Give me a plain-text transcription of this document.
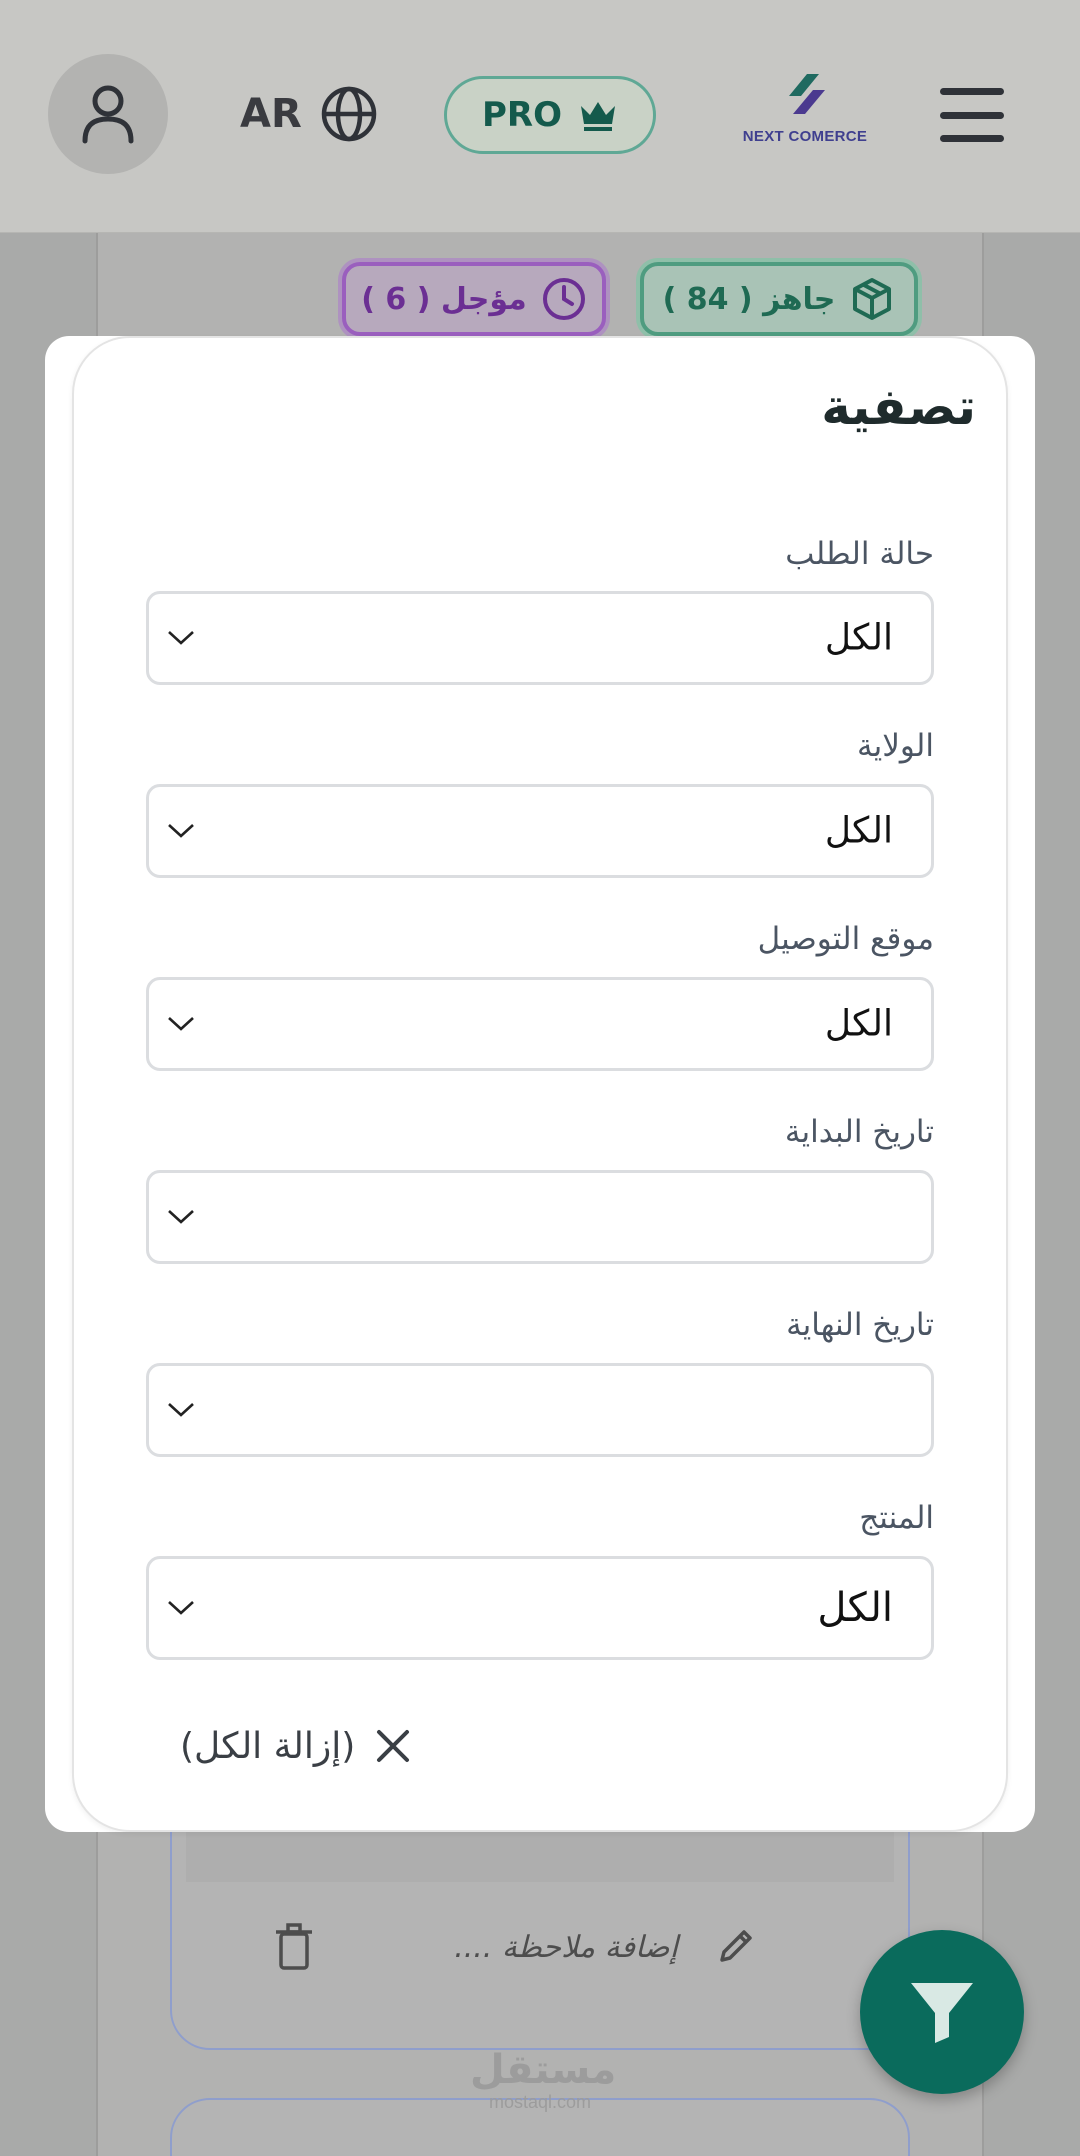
AR	PRO
NEXT COMERCE
( 84 ) جاهز
( 6 ) مؤجل
إضافة ملاحظة ....
مستقل
mostaql.com
تصفية
حالة الطلب
الكل
الولاية
الكل
موقع التوصيل
الكل
تاريخ البداية
تاريخ النهاية
المنتج
الكل
(إزالة الكل)
